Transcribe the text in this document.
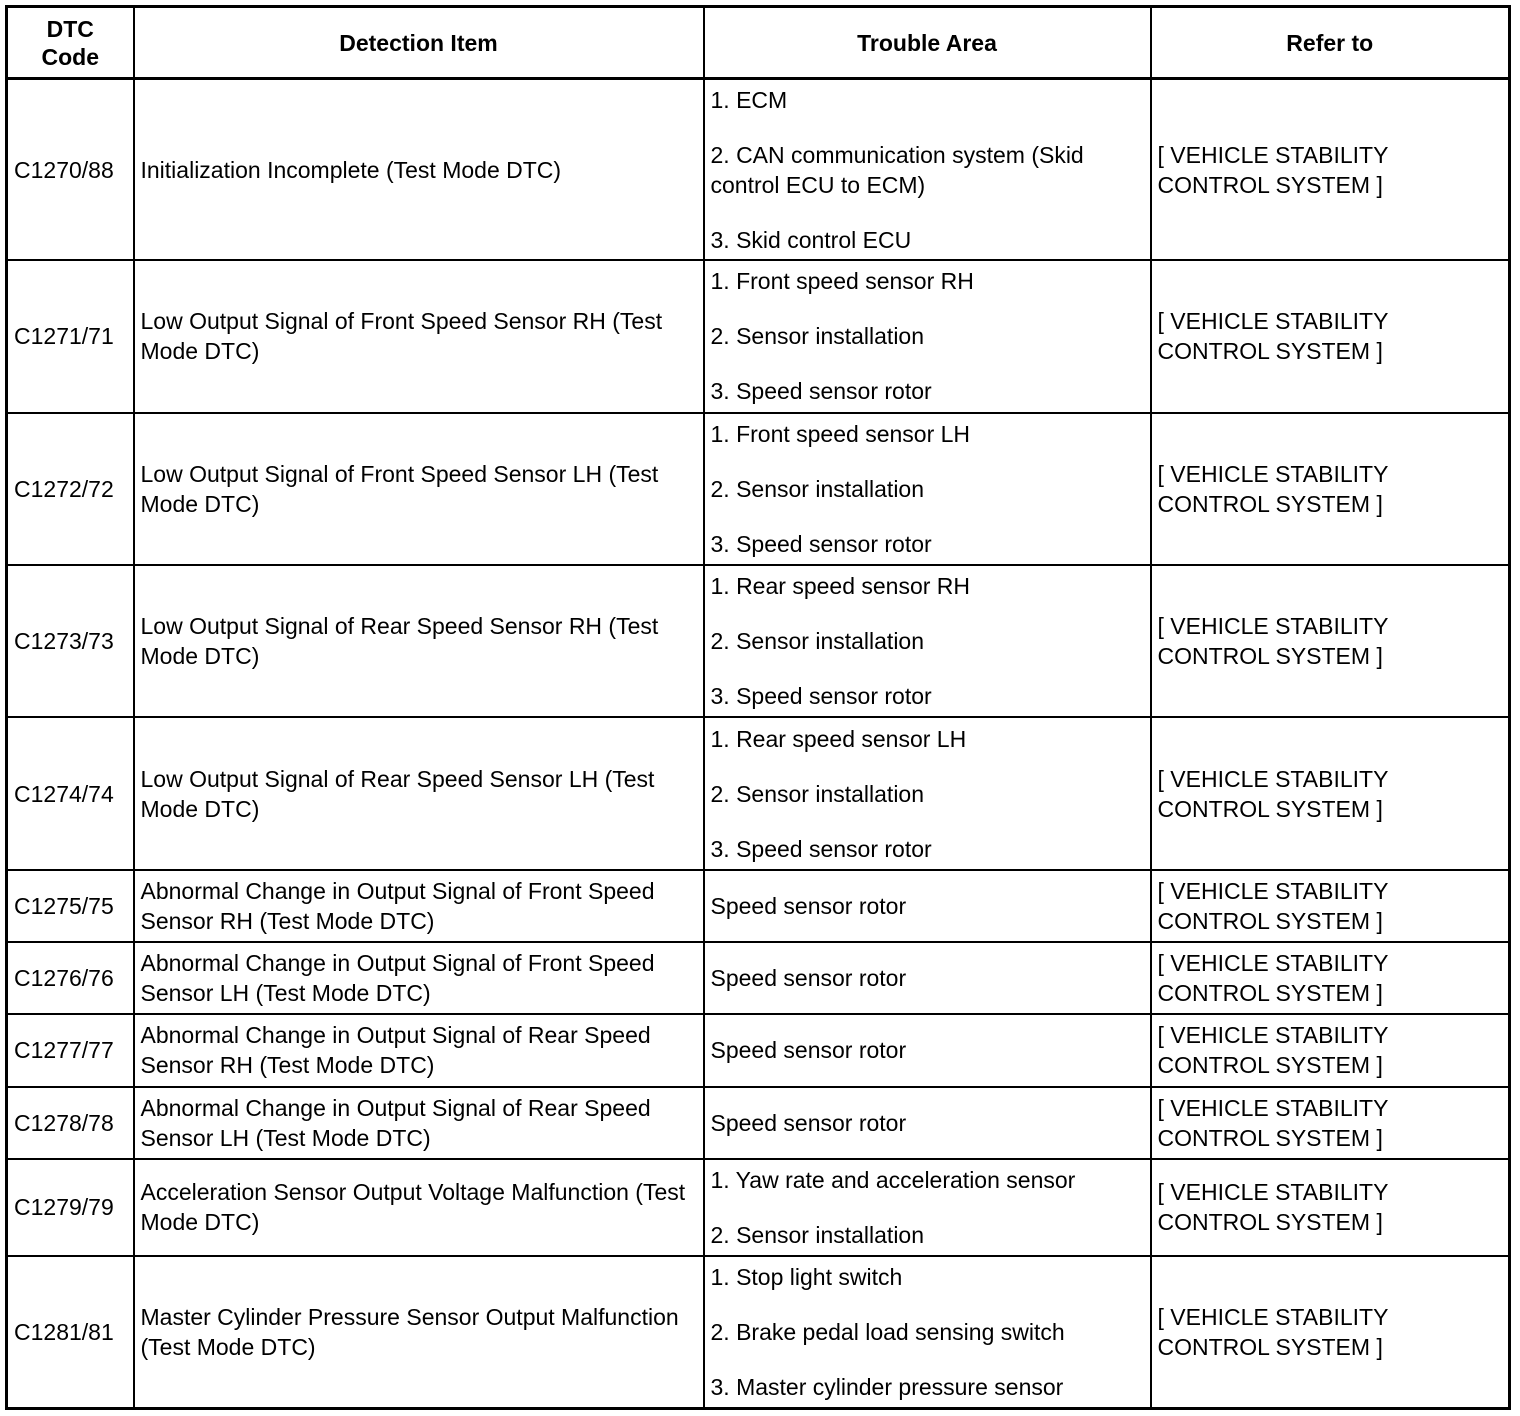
DTC
Code	Detection Item	Trouble Area	Refer to
C1270/88	Initialization Incomplete (Test Mode DTC)	1. ECM
2. CAN communication system (Skid control ECU to ECM)
3. Skid control ECU	[ VEHICLE STABILITY CONTROL SYSTEM ]
C1271/71	Low Output Signal of Front Speed Sensor RH (Test Mode DTC)	1. Front speed sensor RH
2. Sensor installation
3. Speed sensor rotor	[ VEHICLE STABILITY CONTROL SYSTEM ]
C1272/72	Low Output Signal of Front Speed Sensor LH (Test Mode DTC)	1. Front speed sensor LH
2. Sensor installation
3. Speed sensor rotor	[ VEHICLE STABILITY CONTROL SYSTEM ]
C1273/73	Low Output Signal of Rear Speed Sensor RH (Test Mode DTC)	1. Rear speed sensor RH
2. Sensor installation
3. Speed sensor rotor	[ VEHICLE STABILITY CONTROL SYSTEM ]
C1274/74	Low Output Signal of Rear Speed Sensor LH (Test Mode DTC)	1. Rear speed sensor LH
2. Sensor installation
3. Speed sensor rotor	[ VEHICLE STABILITY CONTROL SYSTEM ]
C1275/75	Abnormal Change in Output Signal of Front Speed Sensor RH (Test Mode DTC)	Speed sensor rotor	[ VEHICLE STABILITY CONTROL SYSTEM ]
C1276/76	Abnormal Change in Output Signal of Front Speed Sensor LH (Test Mode DTC)	Speed sensor rotor	[ VEHICLE STABILITY CONTROL SYSTEM ]
C1277/77	Abnormal Change in Output Signal of Rear Speed Sensor RH (Test Mode DTC)	Speed sensor rotor	[ VEHICLE STABILITY CONTROL SYSTEM ]
C1278/78	Abnormal Change in Output Signal of Rear Speed Sensor LH (Test Mode DTC)	Speed sensor rotor	[ VEHICLE STABILITY CONTROL SYSTEM ]
C1279/79	Acceleration Sensor Output Voltage Malfunction (Test Mode DTC)	1. Yaw rate and acceleration sensor
2. Sensor installation	[ VEHICLE STABILITY CONTROL SYSTEM ]
C1281/81	Master Cylinder Pressure Sensor Output Malfunction (Test Mode DTC)	1. Stop light switch
2. Brake pedal load sensing switch
3. Master cylinder pressure sensor	[ VEHICLE STABILITY CONTROL SYSTEM ]
